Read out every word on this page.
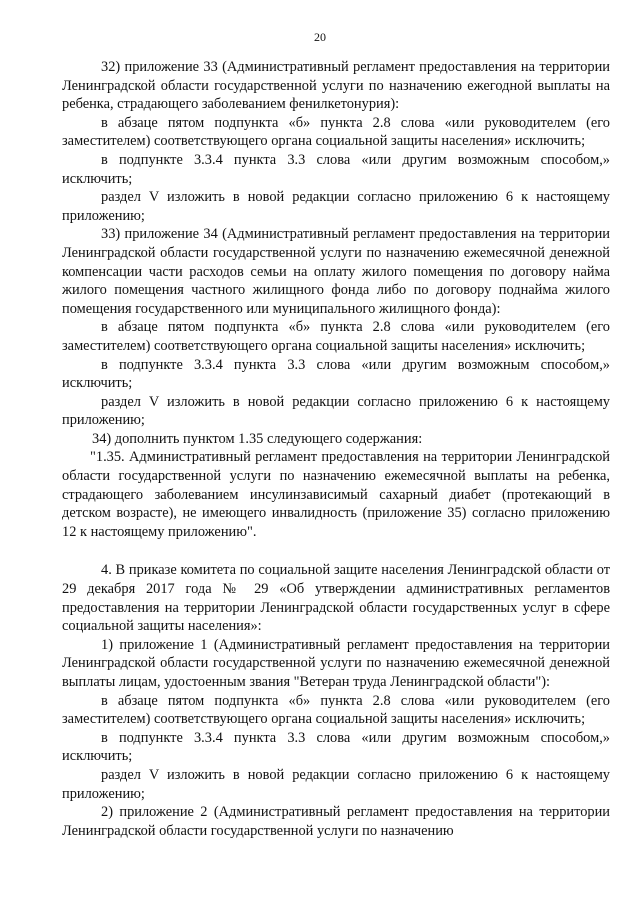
20

32) приложение 33 (Административный регламент предоставления на территории Ленинградской области государственной услуги по назначению ежегодной выплаты на ребенка, страдающего заболеванием фенилкетонурия):

в абзаце пятом подпункта «б» пункта 2.8 слова «или руководителем (его заместителем) соответствующего органа социальной защиты населения» исключить;

в подпункте 3.3.4 пункта 3.3 слова «или другим возможным способом,» исключить;

раздел V изложить в новой редакции согласно приложению 6 к настоящему приложению;

33) приложение 34 (Административный регламент предоставления на территории Ленинградской области государственной услуги по назначению ежемесячной денежной компенсации части расходов семьи на оплату жилого помещения по договору найма жилого помещения частного жилищного фонда либо по договору поднайма жилого помещения государственного или муниципального жилищного фонда):

в абзаце пятом подпункта «б» пункта 2.8 слова «или руководителем (его заместителем) соответствующего органа социальной защиты населения» исключить;

в подпункте 3.3.4 пункта 3.3 слова «или другим возможным способом,» исключить;

раздел V изложить в новой редакции согласно приложению 6 к настоящему приложению;

34) дополнить пунктом 1.35 следующего содержания:

"1.35. Административный регламент предоставления на территории Ленинградской области государственной услуги по назначению ежемесячной выплаты на ребенка, страдающего заболеванием инсулинзависимый сахарный диабет (протекающий в детском возрасте), не имеющего инвалидность (приложение 35) согласно приложению 12 к настоящему приложению".

4. В приказе комитета по социальной защите населения Ленинградской области от 29 декабря 2017 года № 29 «Об утверждении административных регламентов предоставления на территории Ленинградской области государственных услуг в сфере социальной защиты населения»:

1) приложение 1 (Административный регламент предоставления на территории Ленинградской области государственной услуги по назначению ежемесячной денежной выплаты лицам, удостоенным звания "Ветеран труда Ленинградской области"):

в абзаце пятом подпункта «б» пункта 2.8 слова «или руководителем (его заместителем) соответствующего органа социальной защиты населения» исключить;

в подпункте 3.3.4 пункта 3.3 слова «или другим возможным способом,» исключить;

раздел V изложить в новой редакции согласно приложению 6 к настоящему приложению;

2) приложение 2 (Административный регламент предоставления на территории Ленинградской области государственной услуги по назначению
